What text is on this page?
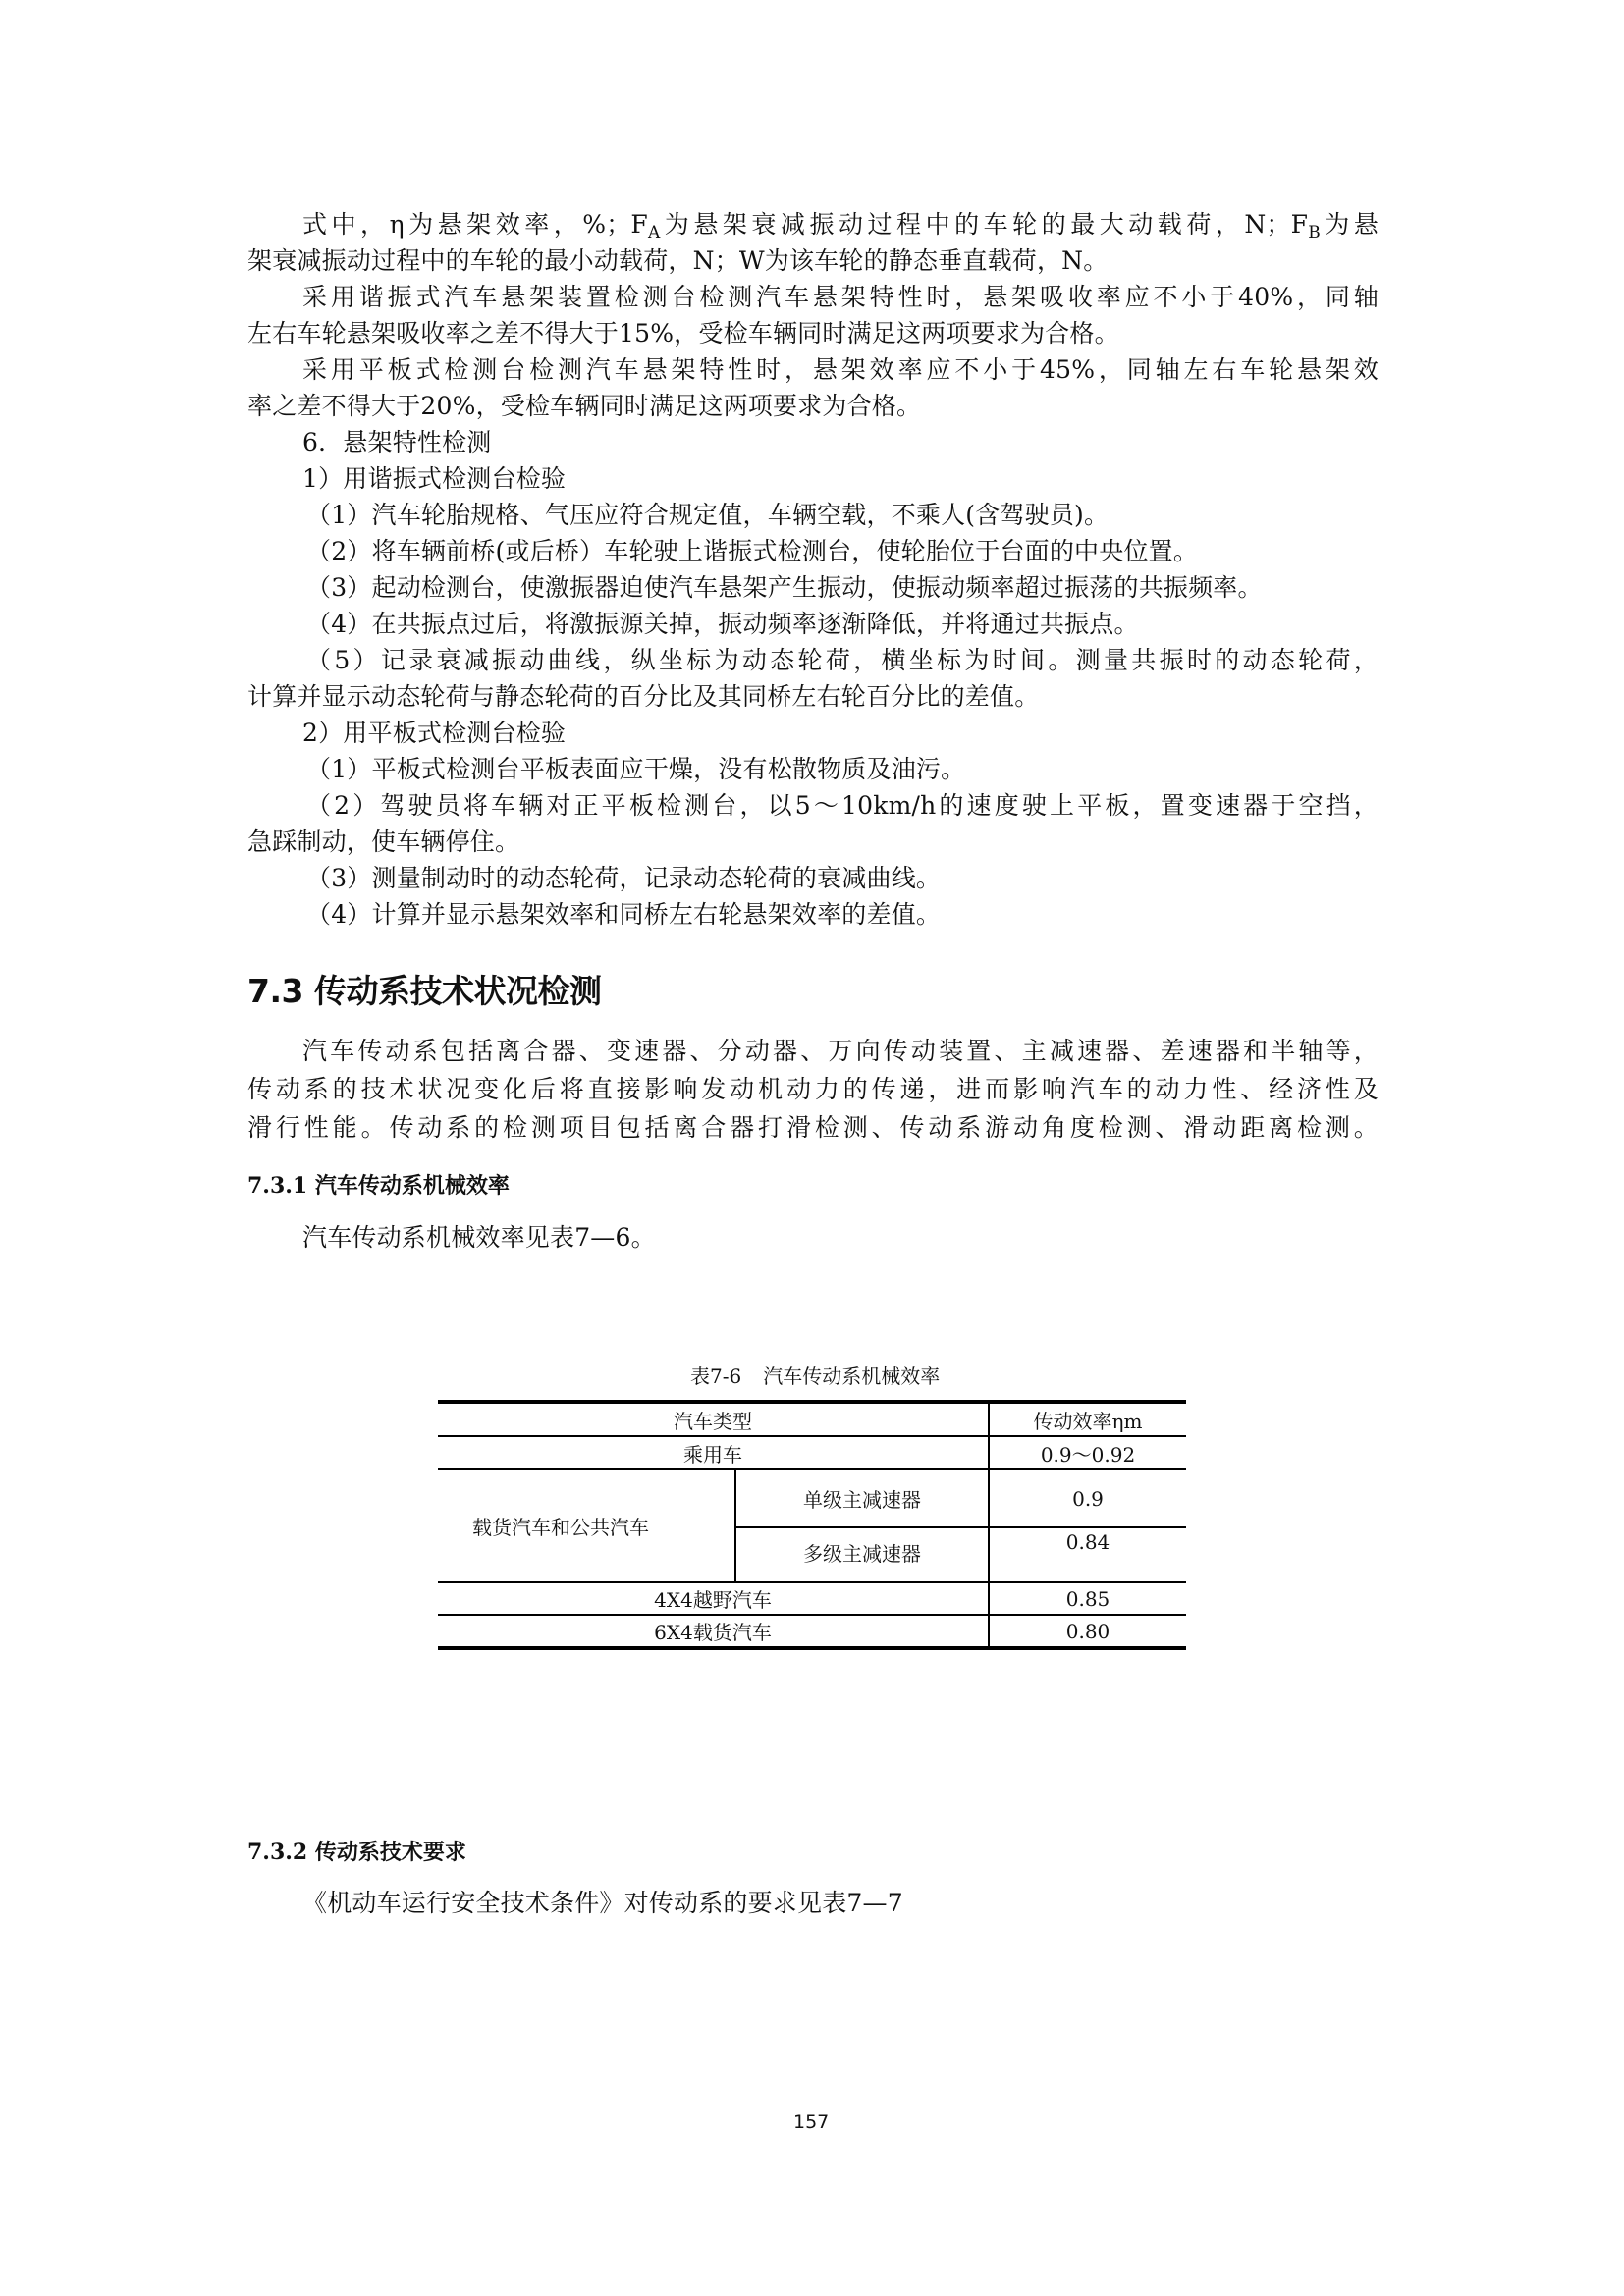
式中，η为悬架效率，%；$F_A$为悬架衰减振动过程中的车轮的最大动载荷，N；$F_B$为悬
架衰减振动过程中的车轮的最小动载荷，N；W为该车轮的静态垂直载荷，N。
采用谐振式汽车悬架装置检测台检测汽车悬架特性时，悬架吸收率应不小于40%，同轴
左右车轮悬架吸收率之差不得大于15%，受检车辆同时满足这两项要求为合格。
采用平板式检测台检测汽车悬架特性时，悬架效率应不小于45%，同轴左右车轮悬架效
率之差不得大于20%，受检车辆同时满足这两项要求为合格。
6．悬架特性检测
1）用谐振式检测台检验
（1）汽车轮胎规格、气压应符合规定值，车辆空载，不乘人(含驾驶员)。
（2）将车辆前桥(或后桥）车轮驶上谐振式检测台，使轮胎位于台面的中央位置。
（3）起动检测台，使激振器迫使汽车悬架产生振动，使振动频率超过振荡的共振频率。
（4）在共振点过后，将激振源关掉，振动频率逐渐降低，并将通过共振点。
（5）记录衰减振动曲线，纵坐标为动态轮荷，横坐标为时间。测量共振时的动态轮荷，
计算并显示动态轮荷与静态轮荷的百分比及其同桥左右轮百分比的差值。
2）用平板式检测台检验
（1）平板式检测台平板表面应干燥，没有松散物质及油污。
（2）驾驶员将车辆对正平板检测台，以5～10km/h的速度驶上平板，置变速器于空挡，
急踩制动，使车辆停住。
（3）测量制动时的动态轮荷，记录动态轮荷的衰减曲线。
（4）计算并显示悬架效率和同桥左右轮悬架效率的差值。
7.3 传动系技术状况检测
汽车传动系包括离合器、变速器、分动器、万向传动装置、主减速器、差速器和半轴等，
传动系的技术状况变化后将直接影响发动机动力的传递，进而影响汽车的动力性、经济性及
滑行性能。传动系的检测项目包括离合器打滑检测、传动系游动角度检测、滑动距离检测。
7.3.1 汽车传动系机械效率
汽车传动系机械效率见表7—6。
表7-6 汽车传动系机械效率
汽车类型		传动效率ηm
乘用车		0.9～0.92
载货汽车和公共汽车	单级主减速器	0.9
	多级主减速器	0.84
4X4越野汽车		0.85
6X4载货汽车		0.80
7.3.2 传动系技术要求
《机动车运行安全技术条件》对传动系的要求见表7—7
157
